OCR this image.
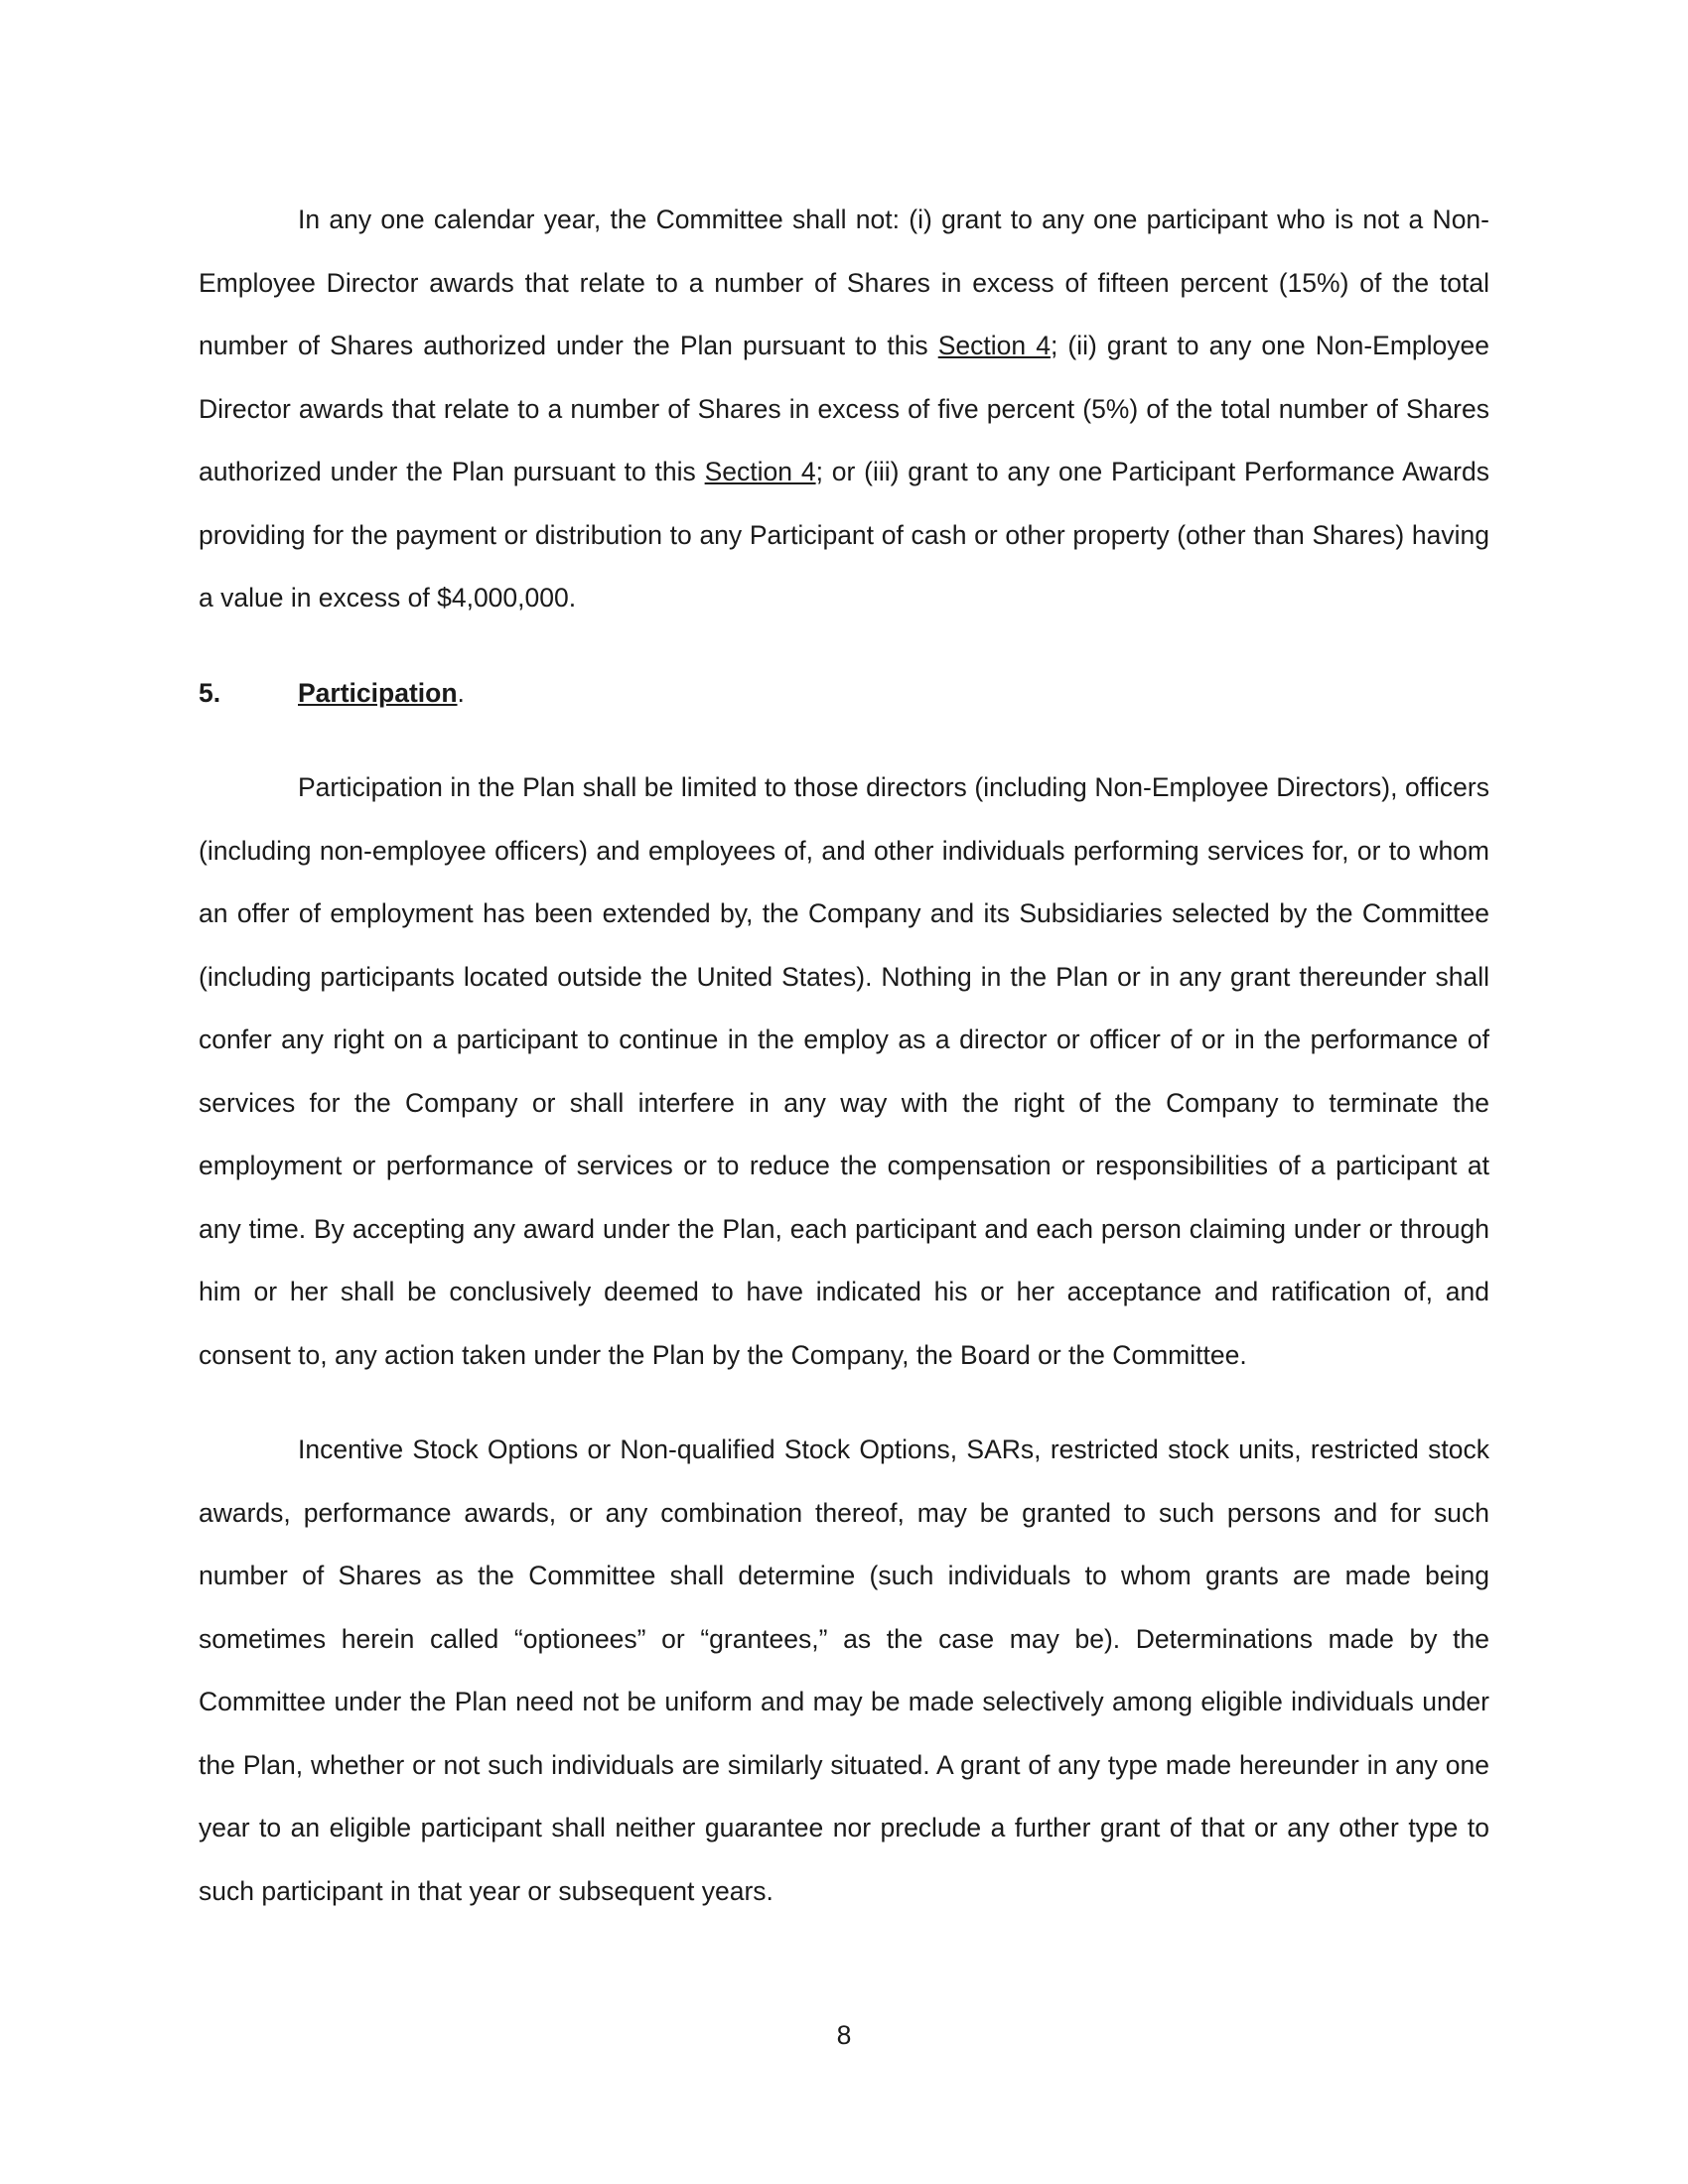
In any one calendar year, the Committee shall not: (i) grant to any one participant who is not a Non-Employee Director awards that relate to a number of Shares in excess of fifteen percent (15%) of the total number of Shares authorized under the Plan pursuant to this Section 4; (ii) grant to any one Non-Employee Director awards that relate to a number of Shares in excess of five percent (5%) of the total number of Shares authorized under the Plan pursuant to this Section 4; or (iii) grant to any one Participant Performance Awards providing for the payment or distribution to any Participant of cash or other property (other than Shares) having a value in excess of $4,000,000.

5.	Participation.

Participation in the Plan shall be limited to those directors (including Non-Employee Directors), officers (including non-employee officers) and employees of, and other individuals performing services for, or to whom an offer of employment has been extended by, the Company and its Subsidiaries selected by the Committee (including participants located outside the United States). Nothing in the Plan or in any grant thereunder shall confer any right on a participant to continue in the employ as a director or officer of or in the performance of services for the Company or shall interfere in any way with the right of the Company to terminate the employment or performance of services or to reduce the compensation or responsibilities of a participant at any time. By accepting any award under the Plan, each participant and each person claiming under or through him or her shall be conclusively deemed to have indicated his or her acceptance and ratification of, and consent to, any action taken under the Plan by the Company, the Board or the Committee.

Incentive Stock Options or Non-qualified Stock Options, SARs, restricted stock units, restricted stock awards, performance awards, or any combination thereof, may be granted to such persons and for such number of Shares as the Committee shall determine (such individuals to whom grants are made being sometimes herein called “optionees” or “grantees,” as the case may be). Determinations made by the Committee under the Plan need not be uniform and may be made selectively among eligible individuals under the Plan, whether or not such individuals are similarly situated. A grant of any type made hereunder in any one year to an eligible participant shall neither guarantee nor preclude a further grant of that or any other type to such participant in that year or subsequent years.

8
